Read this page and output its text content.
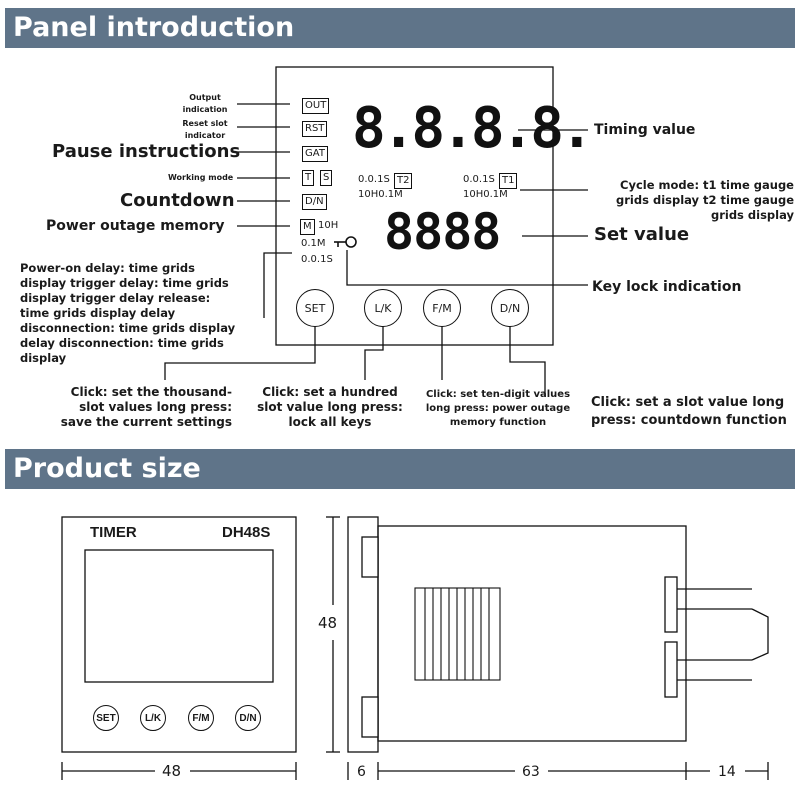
Panel introduction
Product size
OUT
RST
GAT
T	S
D/N
M 10H
0.1M
0.0.1S
8.8.8.8.
8888
0.0.1S T2
10H0.1M
0.0.1S T1
10H0.1M
SET	L/K	F/M	D/N
Output indication
Reset slot indicator
Pause instructions
Working mode
Countdown
Power outage memory
Power-on delay: time grids display trigger delay: time grids display trigger delay release: time grids display delay disconnection: time grids display delay disconnection: time grids display
Timing value
Cycle mode: t1 time gauge grids display t2 time gauge grids display
Set value
Key lock indication
Click: set the thousand-slot values long press: save the current settings
Click: set a hundred slot value long press: lock all keys
Click: set ten-digit values long press: power outage memory function
Click: set a slot value long press: countdown function
TIMER	DH48S
SET	L/K	F/M	D/N
48
48
6	63	14
